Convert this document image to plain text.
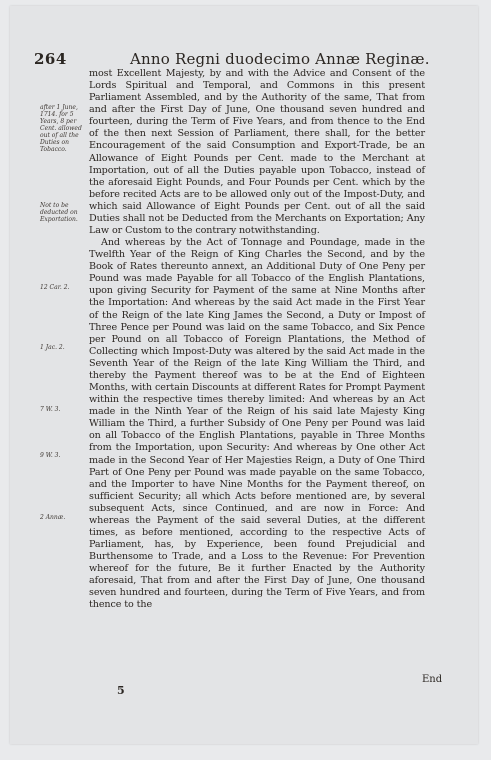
264	Anno Regni duodecimo Annæ Reginæ.
after 1 June, 1714. for 5 Years, 8 per Cent. allowed out of all the Duties on Tobacco.
Not to be deducted on Exportation.
12 Car. 2.
1 Jac. 2.
7 W. 3.
9 W. 3.
2 Annæ.

most Excellent Majesty, by and with the Advice and Consent of the Lords Spiritual and Temporal, and Commons in this present Parliament Assembled, and by the Authority of the same, That from and after the First Day of June, One thousand seven hundred and fourteen, during the Term of Five Years, and from thence to the End of the then next Session of Parliament, there shall, for the better Encouragement of the said Consumption and Export-Trade, be an Allowance of Eight Pounds per Cent. made to the Merchant at Importation, out of all the Duties payable upon Tobacco, instead of the aforesaid Eight Pounds, and Four Pounds per Cent. which by the before recited Acts are to be allowed only out of the Impost-Duty, and which said Allowance of Eight Pounds per Cent. out of all the said Duties shall not be Deducted from the Merchants on Exportation; Any Law or Custom to the contrary notwithstanding.

And whereas by the Act of Tonnage and Poundage, made in the Twelfth Year of the Reign of King Charles the Second, and by the Book of Rates thereunto annext, an Additional Duty of One Peny per Pound was made Payable for all Tobacco of the English Plantations, upon giving Security for Payment of the same at Nine Months after the Importation: And whereas by the said Act made in the First Year of the Reign of the late King James the Second, a Duty or Impost of Three Pence per Pound was laid on the same Tobacco, and Six Pence per Pound on all Tobacco of Foreign Plantations, the Method of Collecting which Impost-Duty was altered by the said Act made in the Seventh Year of the Reign of the late King William the Third, and thereby the Payment thereof was to be at the End of Eighteen Months, with certain Discounts at different Rates for Prompt Payment within the respective times thereby limited: And whereas by an Act made in the Ninth Year of the Reign of his said late Majesty King William the Third, a further Subsidy of One Peny per Pound was laid on all Tobacco of the English Plantations, payable in Three Months from the Importation, upon Security: And whereas by One other Act made in the Second Year of Her Majesties Reign, a Duty of One Third Part of One Peny per Pound was made payable on the same Tobacco, and the Importer to have Nine Months for the Payment thereof, on sufficient Security; all which Acts before mentioned are, by several subsequent Acts, since Continued, and are now in Force: And whereas the Payment of the said several Duties, at the different times, as before mentioned, according to the respective Acts of Parliament, has, by Experience, been found Prejudicial and Burthensome to Trade, and a Loss to the Revenue: For Prevention whereof for the future, Be it further Enacted by the Authority aforesaid, That from and after the First Day of June, One thousand seven hundred and fourteen, during the Term of Five Years, and from thence to the

End
5
